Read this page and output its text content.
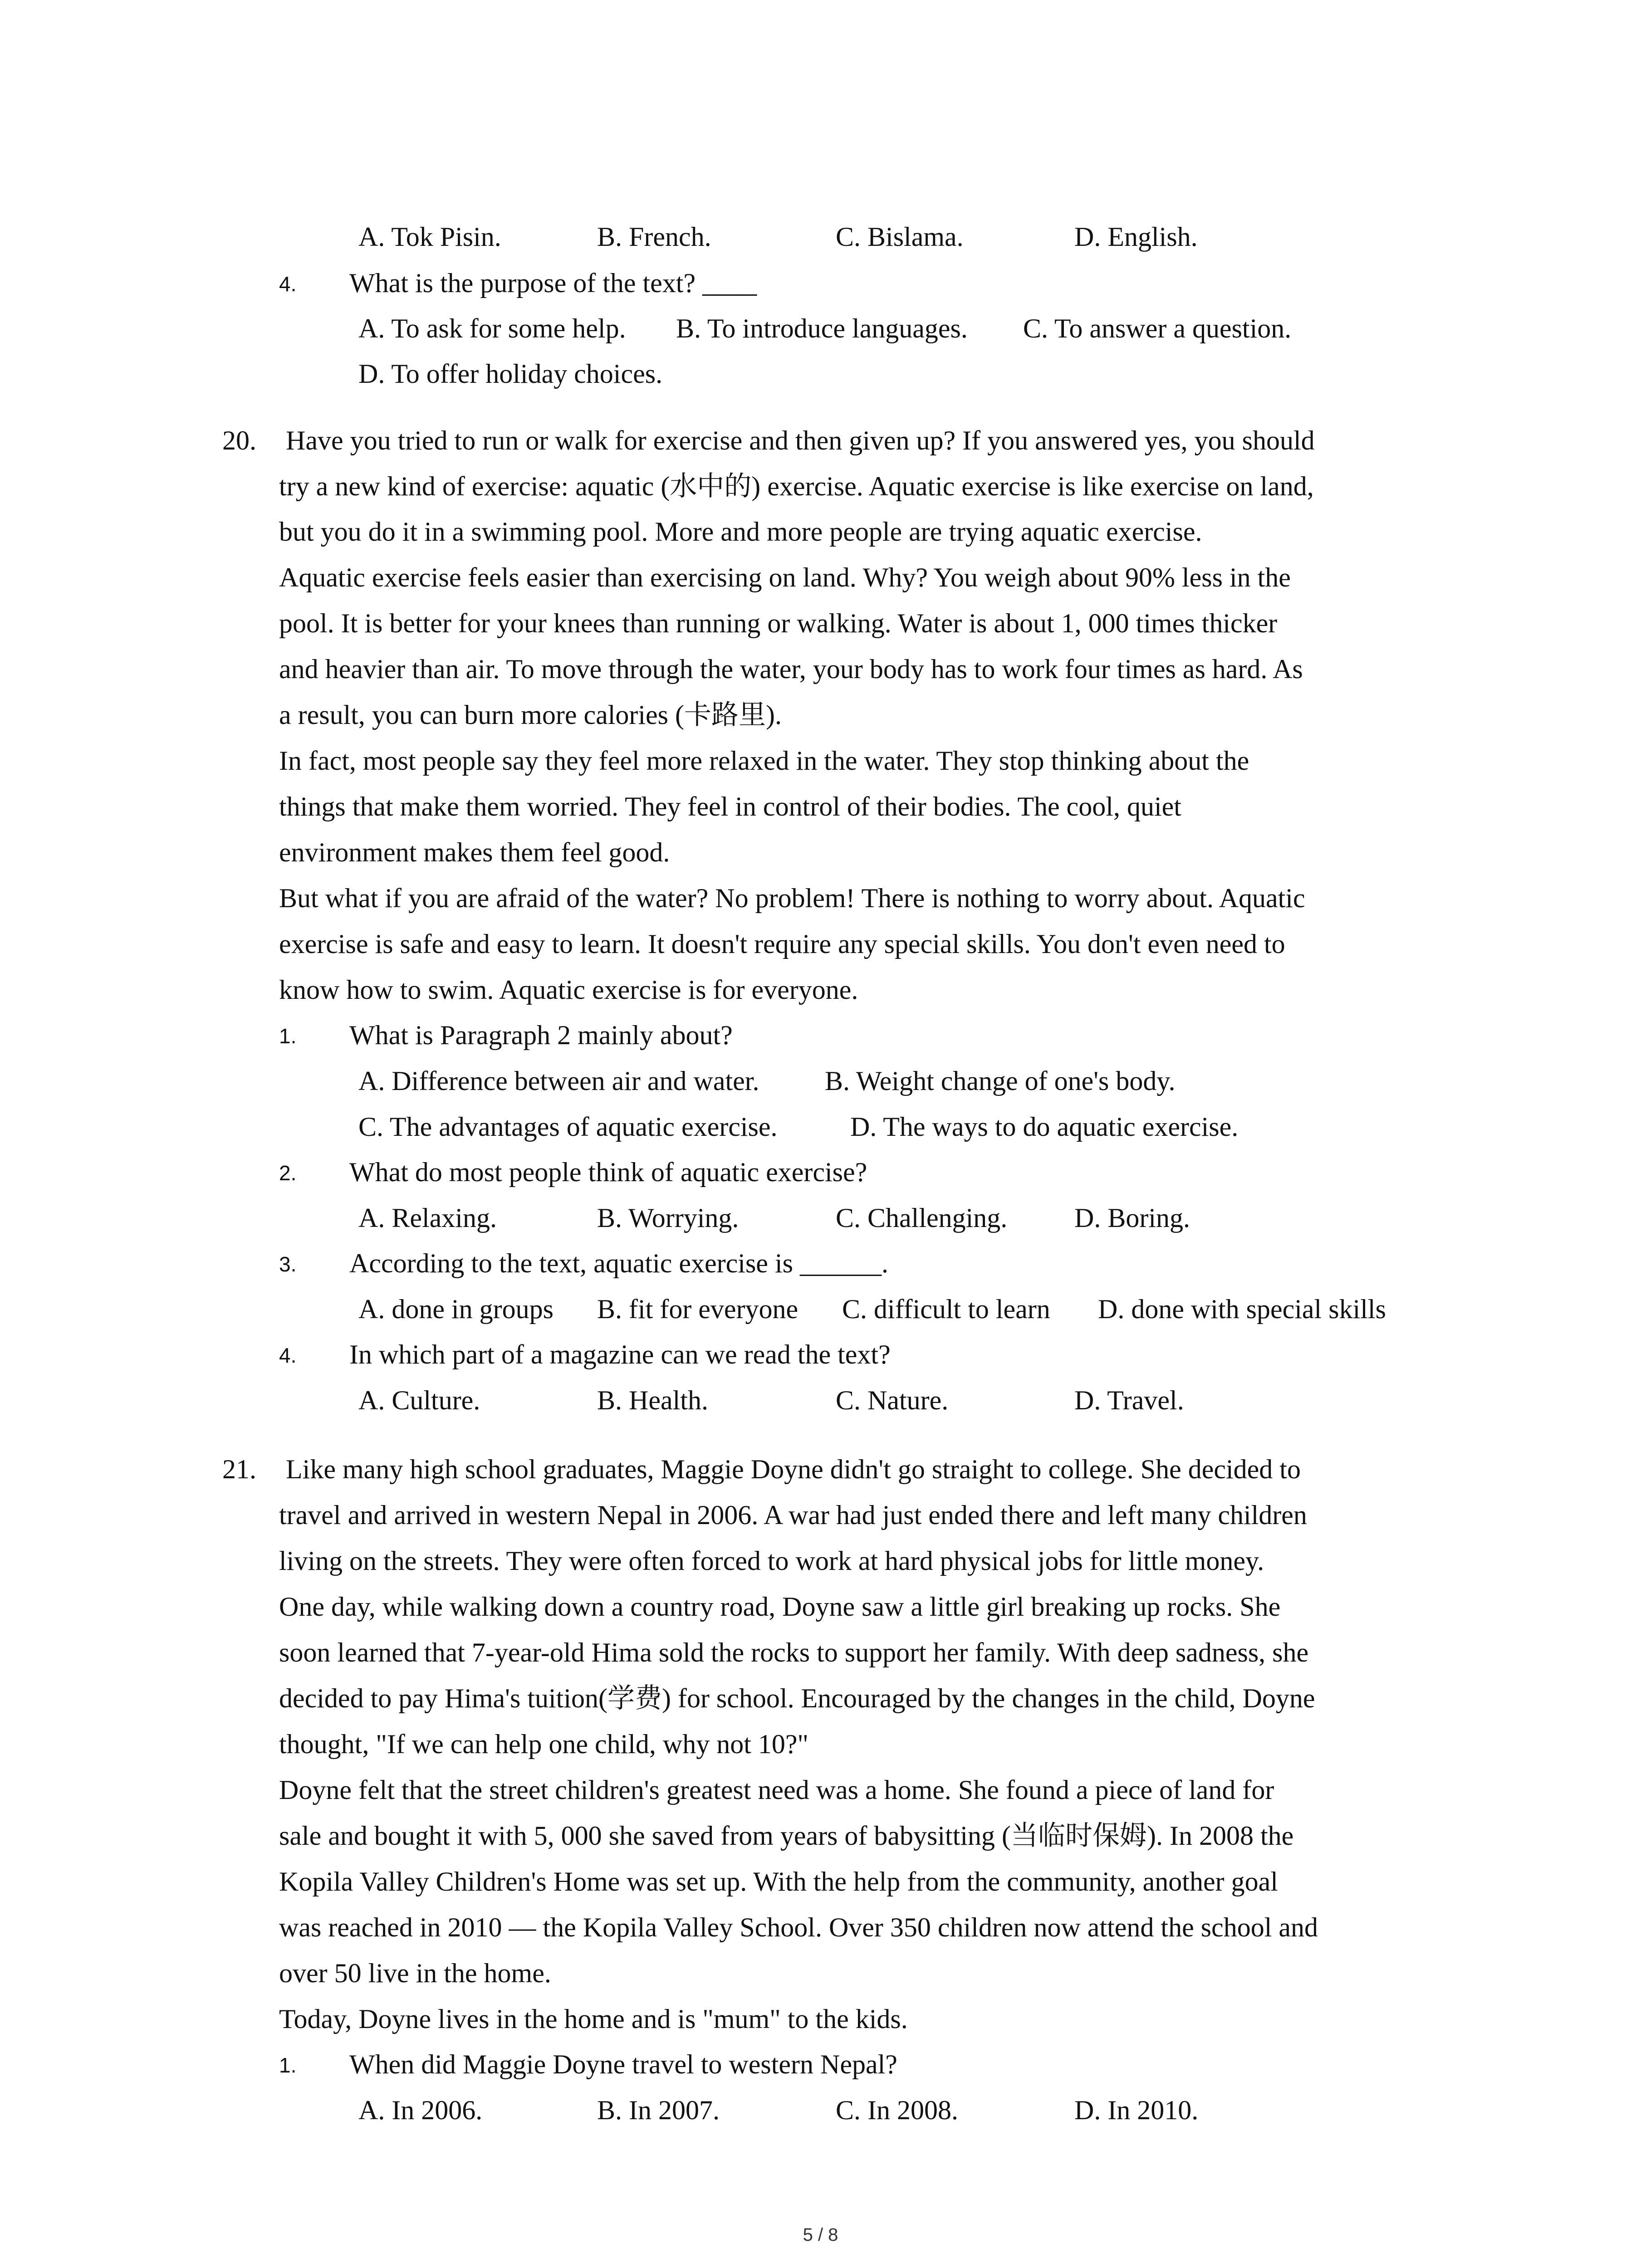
A. Tok Pisin.	B. French.	C. Bislama.	D. English.
4. What is the purpose of the text? ____
A. To ask for some help. B. To introduce languages. C. To answer a question.
D. To offer holiday choices.
20. Have you tried to run or walk for exercise and then given up? If you answered yes, you should
try a new kind of exercise: aquatic (水中的) exercise. Aquatic exercise is like exercise on land,
but you do it in a swimming pool. More and more people are trying aquatic exercise.
Aquatic exercise feels easier than exercising on land. Why? You weigh about 90% less in the
pool. It is better for your knees than running or walking. Water is about 1, 000 times thicker
and heavier than air. To move through the water, your body has to work four times as hard. As
a result, you can burn more calories (卡路里).
In fact, most people say they feel more relaxed in the water. They stop thinking about the
things that make them worried. They feel in control of their bodies. The cool, quiet
environment makes them feel good.
But what if you are afraid of the water? No problem! There is nothing to worry about. Aquatic
exercise is safe and easy to learn. It doesn't require any special skills. You don't even need to
know how to swim. Aquatic exercise is for everyone.
1. What is Paragraph 2 mainly about?
A. Difference between air and water. B. Weight change of one's body.
C. The advantages of aquatic exercise.	D. The ways to do aquatic exercise.
2. What do most people think of aquatic exercise?
A. Relaxing.	B. Worrying.	C. Challenging. D. Boring.
3. According to the text, aquatic exercise is ______.
A. done in groups B. fit for everyone C. difficult to learn D. done with special skills
4. In which part of a magazine can we read the text?
A. Culture.	B. Health.	C. Nature.	D. Travel.
21. Like many high school graduates, Maggie Doyne didn't go straight to college. She decided to
travel and arrived in western Nepal in 2006. A war had just ended there and left many children
living on the streets. They were often forced to work at hard physical jobs for little money.
One day, while walking down a country road, Doyne saw a little girl breaking up rocks. She
soon learned that 7-year-old Hima sold the rocks to support her family. With deep sadness, she
decided to pay Hima's tuition(学费) for school. Encouraged by the changes in the child, Doyne
thought, "If we can help one child, why not 10?"
Doyne felt that the street children's greatest need was a home. She found a piece of land for
sale and bought it with 5, 000 she saved from years of babysitting (当临时保姆). In 2008 the
Kopila Valley Children's Home was set up. With the help from the community, another goal
was reached in 2010 — the Kopila Valley School. Over 350 children now attend the school and
over 50 live in the home.
Today, Doyne lives in the home and is "mum" to the kids.
1. When did Maggie Doyne travel to western Nepal?
A. In 2006.	B. In 2007.	C. In 2008.	D. In 2010.
5 / 8
